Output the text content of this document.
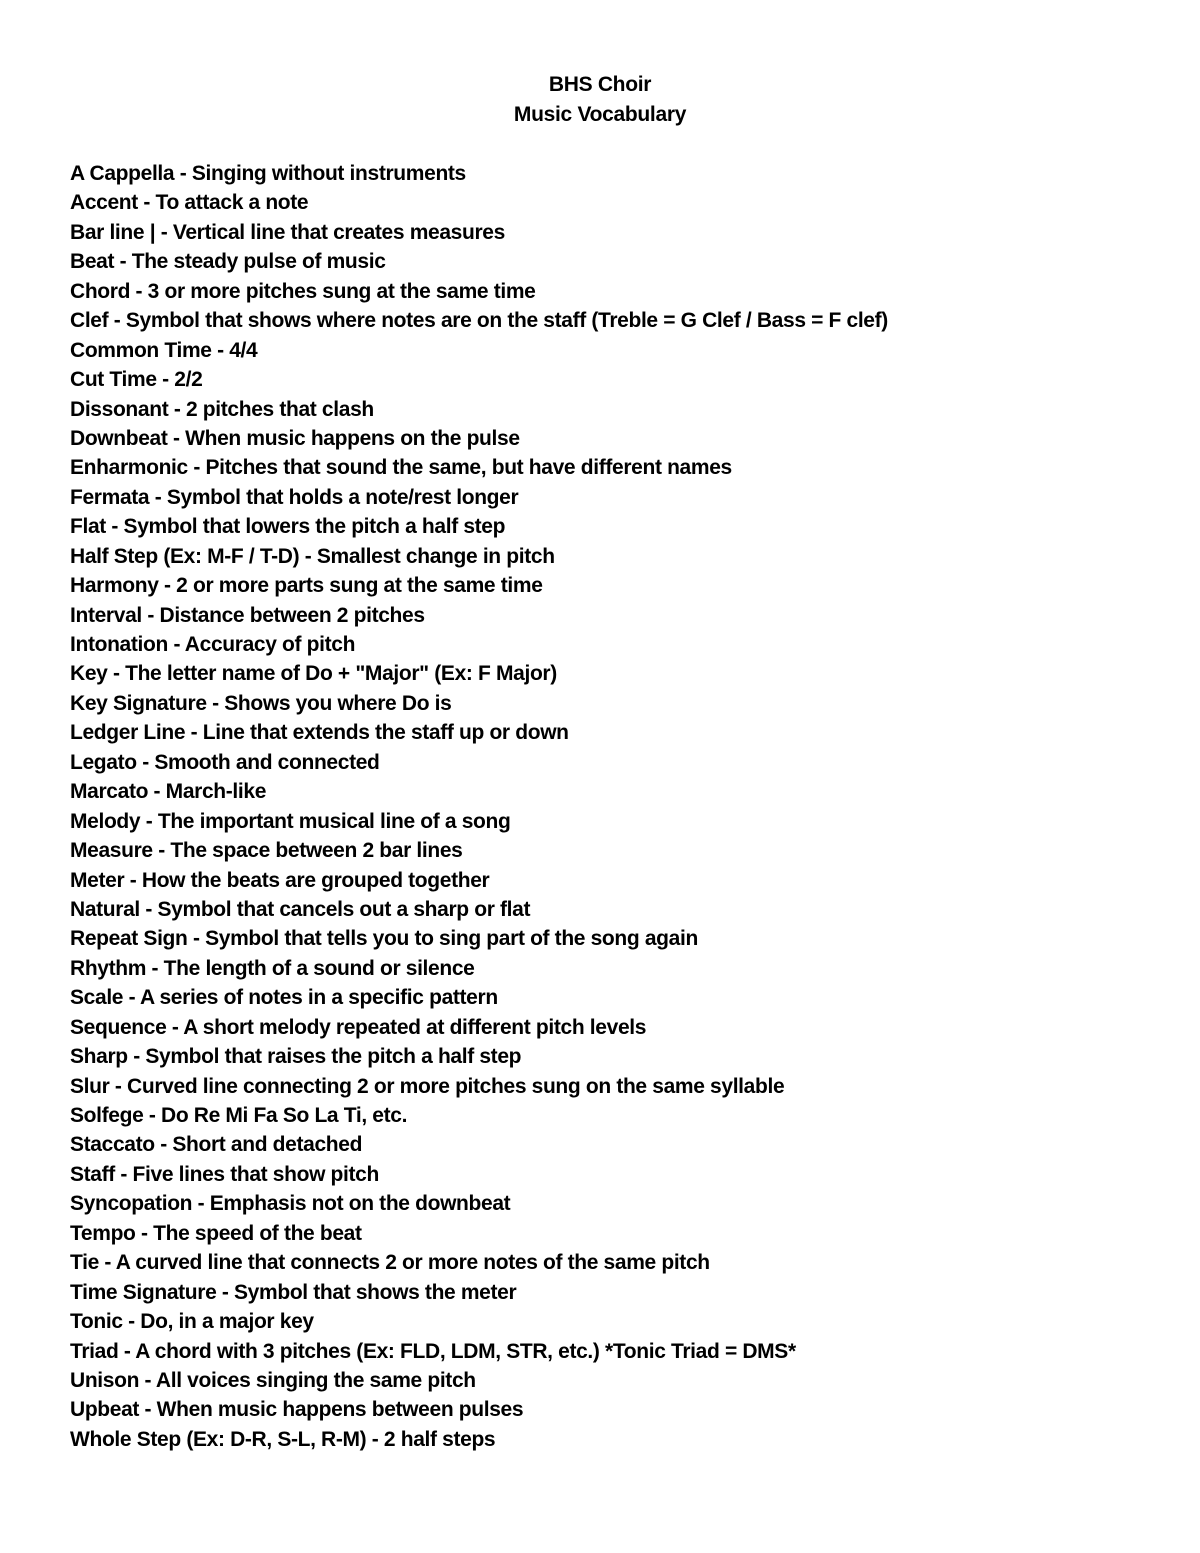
BHS Choir
Music Vocabulary
A Cappella - Singing without instruments
Accent - To attack a note
Bar line | - Vertical line that creates measures
Beat - The steady pulse of music
Chord - 3 or more pitches sung at the same time
Clef - Symbol that shows where notes are on the staff (Treble = G Clef / Bass = F clef)
Common Time - 4/4
Cut Time - 2/2
Dissonant - 2 pitches that clash
Downbeat - When music happens on the pulse
Enharmonic - Pitches that sound the same, but have different names
Fermata - Symbol that holds a note/rest longer
Flat - Symbol that lowers the pitch a half step
Half Step (Ex: M-F / T-D) - Smallest change in pitch
Harmony - 2 or more parts sung at the same time
Interval - Distance between 2 pitches
Intonation - Accuracy of pitch
Key - The letter name of Do + "Major" (Ex: F Major)
Key Signature - Shows you where Do is
Ledger Line - Line that extends the staff up or down
Legato - Smooth and connected
Marcato - March-like
Melody - The important musical line of a song
Measure - The space between 2 bar lines
Meter - How the beats are grouped together
Natural - Symbol that cancels out a sharp or flat
Repeat Sign - Symbol that tells you to sing part of the song again
Rhythm - The length of a sound or silence
Scale - A series of notes in a specific pattern
Sequence - A short melody repeated at different pitch levels
Sharp - Symbol that raises the pitch a half step
Slur - Curved line connecting 2 or more pitches sung on the same syllable
Solfege - Do Re Mi Fa So La Ti, etc.
Staccato - Short and detached
Staff - Five lines that show pitch
Syncopation - Emphasis not on the downbeat
Tempo - The speed of the beat
Tie - A curved line that connects 2 or more notes of the same pitch
Time Signature - Symbol that shows the meter
Tonic - Do, in a major key
Triad - A chord with 3 pitches (Ex: FLD, LDM, STR, etc.) *Tonic Triad = DMS*
Unison - All voices singing the same pitch
Upbeat - When music happens between pulses
Whole Step (Ex: D-R, S-L, R-M) - 2 half steps
